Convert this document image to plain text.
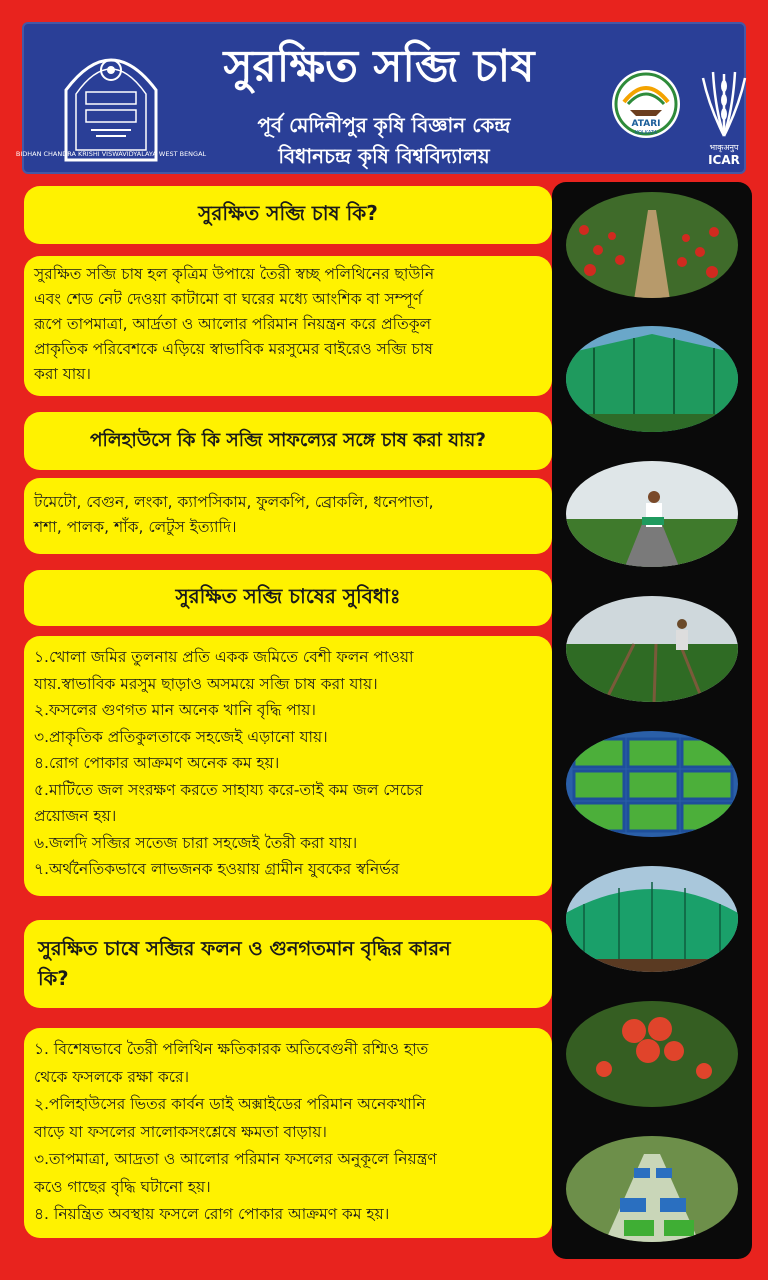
BIDHAN CHANDRA KRISHI VISWAVIDYALAYA WEST BENGAL
সুরক্ষিত সব্জি চাষ
পূর্ব মেদিনীপুর কৃষি বিজ্ঞান কেন্দ্র
বিধানচন্দ্র কৃষি বিশ্ববিদ্যালয়
ATARI
KOLKATA
भाकृअनुप
ICAR
সুরক্ষিত সব্জি চাষ কি?
সুরক্ষিত সব্জি চাষ হল কৃত্রিম উপায়ে তৈরী স্বচ্ছ পলিথিনের ছাউনি
এবং শেড নেট দেওয়া কাটামো বা ঘরের মধ্যে আংশিক বা সম্পূর্ণ
রূপে তাপমাত্রা, আর্দ্রতা ও আলোর পরিমান নিয়ন্ত্রন করে প্রতিকূল
প্রাকৃতিক পরিবেশকে এড়িয়ে স্বাভাবিক মরসুমের বাইরেও সব্জি চাষ
করা যায়।
পলিহাউসে কি কি সব্জি সাফল্যের সঙ্গে চাষ করা যায়?
টমেটো, বেগুন, লংকা, ক্যাপসিকাম, ফুলকপি, ব্রোকলি, ধনেপাতা,
শশা, পালক, শাঁক, লেটুস ইত্যাদি।
সুরক্ষিত সব্জি চাষের সুবিধাঃ
১.খোলা জমির তুলনায় প্রতি একক জমিতে বেশী ফলন পাওয়া
যায়.স্বাভাবিক মরসুম ছাড়াও অসময়ে সব্জি চাষ করা যায়।
২.ফসলের গুণগত মান অনেক খানি বৃদ্ধি পায়।
৩.প্রাকৃতিক প্রতিকুলতাকে সহজেই এড়ানো যায়।
৪.রোগ পোকার আক্রমণ অনেক কম হয়।
৫.মাটিতে জল সংরক্ষণ করতে সাহায্য করে-তাই কম জল সেচের
প্রয়োজন হয়।
৬.জলদি সব্জির সতেজ চারা সহজেই তৈরী করা যায়।
৭.অর্থনৈতিকভাবে লাভজনক হওয়ায় গ্রামীন যুবকের স্বনির্ভর
সুরক্ষিত চাষে সব্জির ফলন ও গুনগতমান বৃদ্ধির কারন
কি?
১. বিশেষভাবে তৈরী পলিথিন ক্ষতিকারক অতিবেগুনী রশ্মিও হাত
থেকে ফসলকে রক্ষা করে।
২.পলিহাউসের ভিতর কার্বন ডাই অক্সাইডের পরিমান অনেকখানি
বাড়ে যা ফসলের সালোকসংশ্লেষে ক্ষমতা বাড়ায়।
৩.তাপমাত্রা, আদ্রতা ও আলোর পরিমান ফসলের অনুকূলে নিয়ন্ত্রণ
কওে গাছের বৃদ্ধি ঘটানো হয়।
৪. নিয়ন্ত্রিত অবস্থায় ফসলে রোগ পোকার আক্রমণ কম হয়।
